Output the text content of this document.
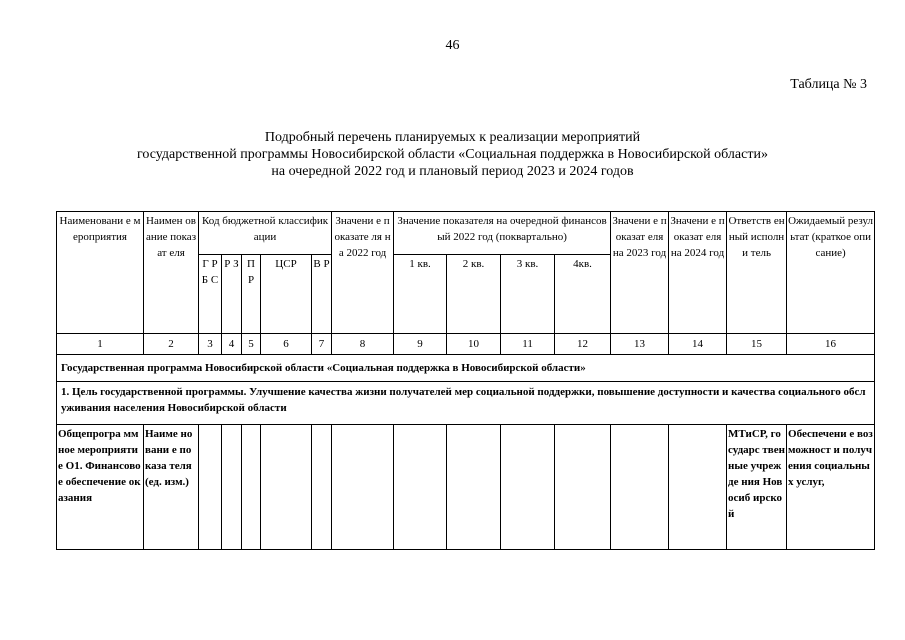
46
Таблица № 3
Подробный перечень планируемых к реализации мероприятий
государственной программы Новосибирской области «Социальная поддержка в Новосибирской области»
на очередной 2022 год и плановый период 2023 и 2024 годов
Наименовани е мероприятия	Наимен ование показат еля	Код бюджетной классификации					Значени е показате ля на 2022 год	Значение показателя на очередной финансовый 2022 год (поквартально)				Значени е показат еля на 2023 год	Значени е показат еля на 2024 год	Ответств енный исполни тель	Ожидаемый результат (краткое описание)
		Г Р Б С	Р З	П Р	ЦСР	В Р		1 кв.	2 кв.	3 кв.	4кв.				
1	2	3	4	5	6	7	8	9	10	11	12	13	14	15	16
Государственная программа Новосибирской области «Социальная поддержка в Новосибирской области»															
1. Цель государственной программы. Улучшение качества жизни получателей мер социальной поддержки, повышение доступности и качества социального обслуживания населения Новосибирской области															
Общепрогра ммное мероприяти е О1. Финансовое обеспечение оказания	Наиме новани е показа теля (ед. изм.)													МТиСР, государс твенные учрежде ния Новосиб ирской	Обеспечени е возможност и получения социальны х услуг,
